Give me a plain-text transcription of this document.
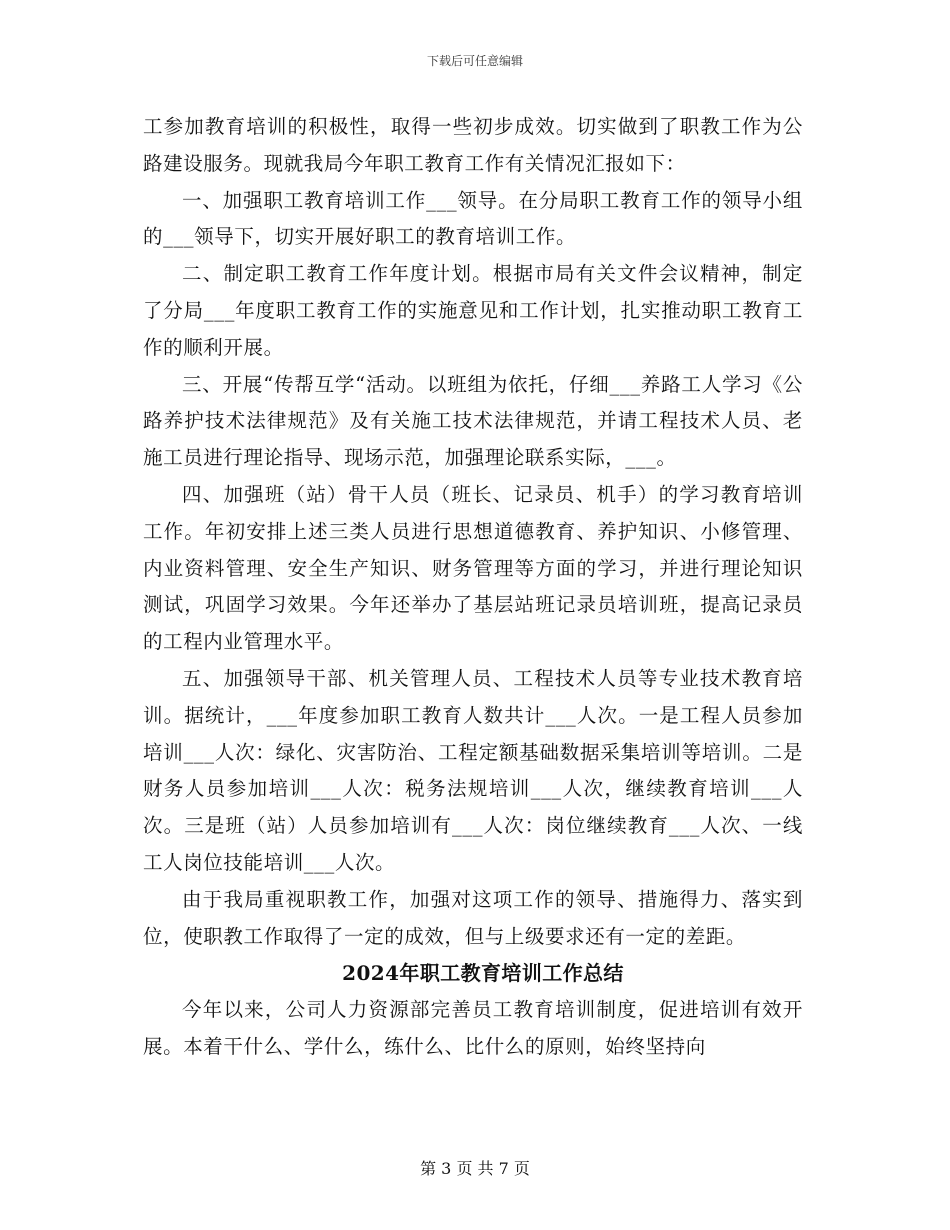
下载后可任意编辑

工参加教育培训的积极性，取得一些初步成效。切实做到了职教工作为公路建设服务。现就我局今年职工教育工作有关情况汇报如下：

一、加强职工教育培训工作___领导。在分局职工教育工作的领导小组的___领导下，切实开展好职工的教育培训工作。

二、制定职工教育工作年度计划。根据市局有关文件会议精神，制定了分局___年度职工教育工作的实施意见和工作计划，扎实推动职工教育工作的顺利开展。

三、开展“传帮互学“活动。以班组为依托，仔细___养路工人学习《公路养护技术法律规范》及有关施工技术法律规范，并请工程技术人员、老施工员进行理论指导、现场示范，加强理论联系实际，___。

四、加强班（站）骨干人员（班长、记录员、机手）的学习教育培训工作。年初安排上述三类人员进行思想道德教育、养护知识、小修管理、内业资料管理、安全生产知识、财务管理等方面的学习，并进行理论知识测试，巩固学习效果。今年还举办了基层站班记录员培训班，提高记录员的工程内业管理水平。

五、加强领导干部、机关管理人员、工程技术人员等专业技术教育培训。据统计，___年度参加职工教育人数共计___人次。一是工程人员参加培训___人次：绿化、灾害防治、工程定额基础数据采集培训等培训。二是财务人员参加培训___人次：税务法规培训___人次，继续教育培训___人次。三是班（站）人员参加培训有___人次：岗位继续教育___人次、一线工人岗位技能培训___人次。

由于我局重视职教工作，加强对这项工作的领导、措施得力、落实到位，使职教工作取得了一定的成效，但与上级要求还有一定的差距。

2024年职工教育培训工作总结

今年以来，公司人力资源部完善员工教育培训制度，促进培训有效开展。本着干什么、学什么，练什么、比什么的原则，始终坚持向

第 3 页 共 7 页
